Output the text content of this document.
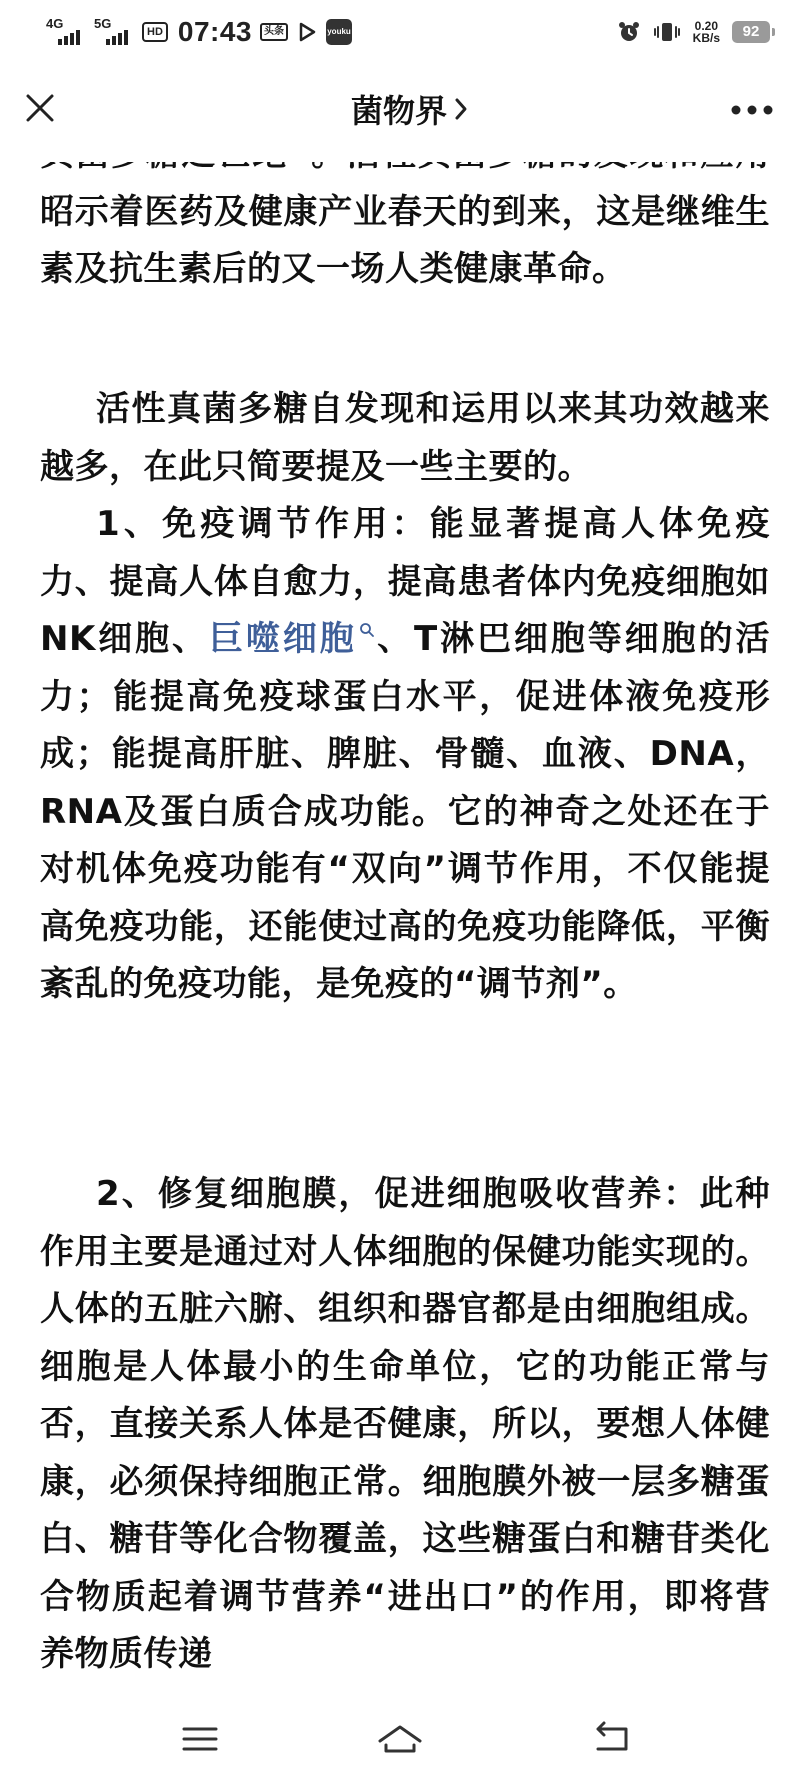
4G 5G
HD 07:43	头条	youku	0.20
KB/s	92
菌物界

昭示着医药及健康产业春天的到来，这是继维生素及抗生素后的又一场人类健康革命。

活性真菌多糖自发现和运用以来其功效越来越多，在此只简要提及一些主要的。

1、免疫调节作用：能显著提高人体免疫力、提高人体自愈力，提高患者体内免疫细胞如NK细胞、巨噬细胞 、T淋巴细胞等细胞的活力；能提高免疫球蛋白水平，促进体液免疫形成；能提高肝脏、脾脏、骨髓、血液、DNA，RNA及蛋白质合成功能。它的神奇之处还在于对机体免疫功能有“双向”调节作用，不仅能提高免疫功能，还能使过高的免疫功能降低，平衡紊乱的免疫功能，是免疫的“调节剂”。

2、修复细胞膜，促进细胞吸收营养：此种作用主要是通过对人体细胞的保健功能实现的。人体的五脏六腑、组织和器官都是由细胞组成。细胞是人体最小的生命单位，它的功能正常与否，直接关系人体是否健康，所以，要想人体健康，必须保持细胞正常。细胞膜外被一层多糖蛋白、糖苷等化合物覆盖，这些糖蛋白和糖苷类化合物质起着调节营养“进出口”的作用，即将营养物质传递
